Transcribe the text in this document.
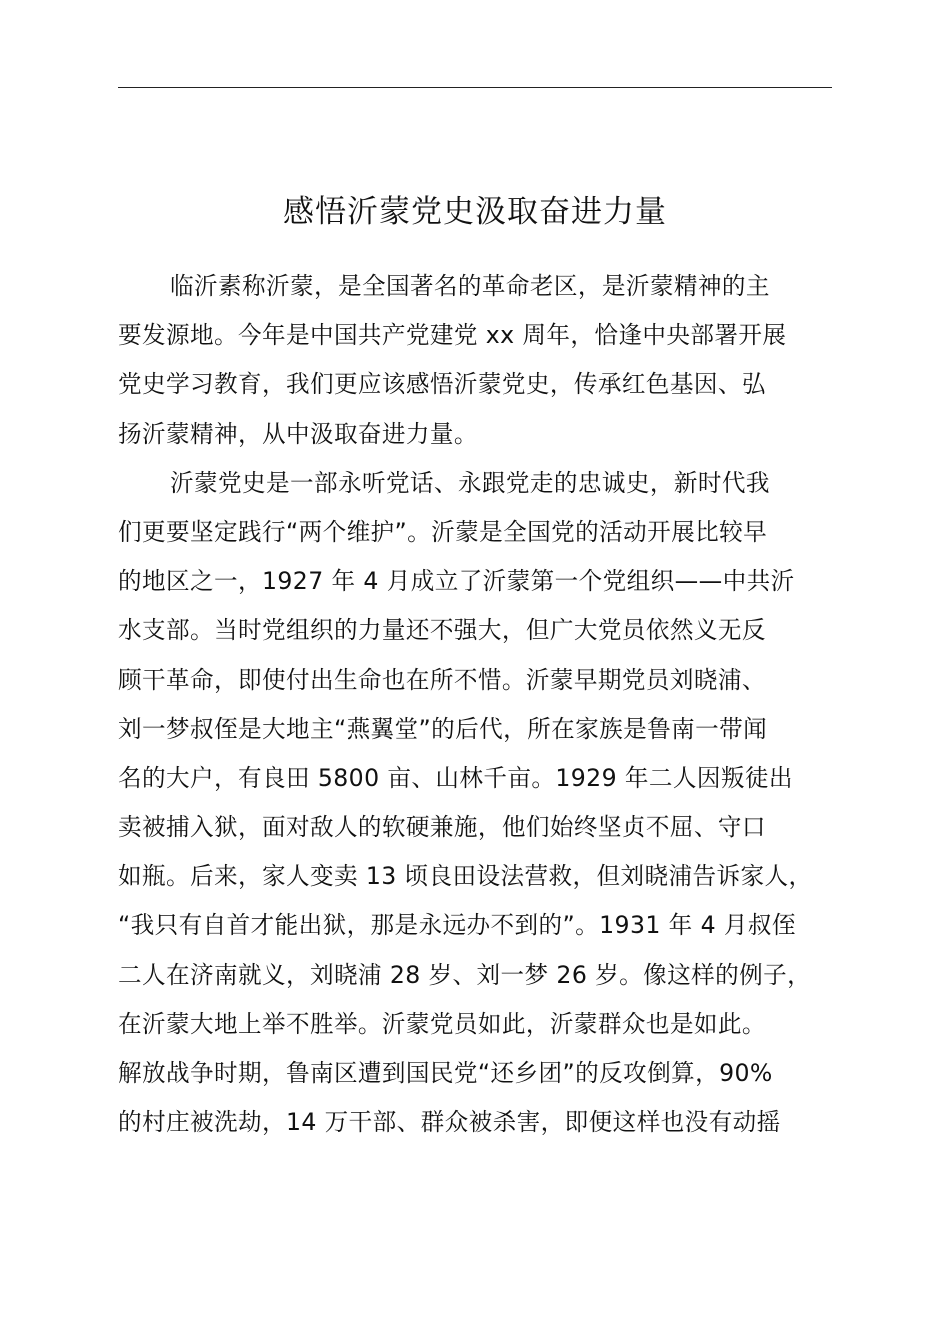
感悟沂蒙党史汲取奋进力量
临沂素称沂蒙，是全国著名的革命老区，是沂蒙精神的主
要发源地。今年是中国共产党建党 xx 周年，恰逢中央部署开展
党史学习教育，我们更应该感悟沂蒙党史，传承红色基因、弘
扬沂蒙精神，从中汲取奋进力量。
沂蒙党史是一部永听党话、永跟党走的忠诚史，新时代我
们更要坚定践行“两个维护”。沂蒙是全国党的活动开展比较早
的地区之一，1927 年 4 月成立了沂蒙第一个党组织——中共沂
水支部。当时党组织的力量还不强大，但广大党员依然义无反
顾干革命，即使付出生命也在所不惜。沂蒙早期党员刘晓浦、
刘一梦叔侄是大地主“燕翼堂”的后代，所在家族是鲁南一带闻
名的大户，有良田 5800 亩、山林千亩。1929 年二人因叛徒出
卖被捕入狱，面对敌人的软硬兼施，他们始终坚贞不屈、守口
如瓶。后来，家人变卖 13 顷良田设法营救，但刘晓浦告诉家人，
“我只有自首才能出狱，那是永远办不到的”。1931 年 4 月叔侄
二人在济南就义，刘晓浦 28 岁、刘一梦 26 岁。像这样的例子，
在沂蒙大地上举不胜举。沂蒙党员如此，沂蒙群众也是如此。
解放战争时期，鲁南区遭到国民党“还乡团”的反攻倒算，90%
的村庄被洗劫，14 万干部、群众被杀害，即便这样也没有动摇
